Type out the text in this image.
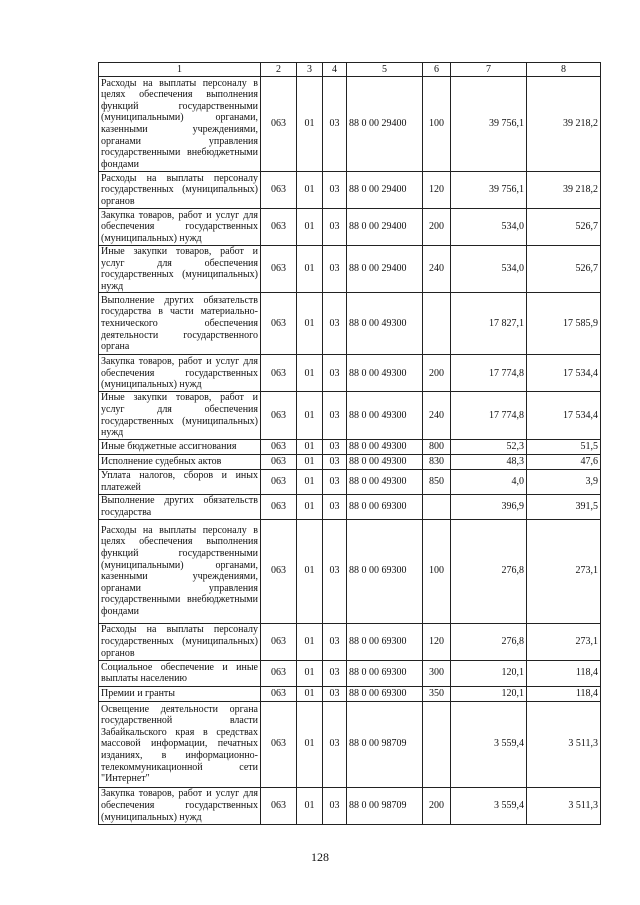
1	2	3	4	5	6	7	8
Расходы на выплаты персоналу в целях обеспечения выполнения функций государственными (муниципальными) органами, казенными учреждениями, органами управления государственными внебюджетными фондами	063	01	03	88 0 00 29400	100	39 756,1	39 218,2
Расходы на выплаты персоналу государственных (муниципальных) органов	063	01	03	88 0 00 29400	120	39 756,1	39 218,2
Закупка товаров, работ и услуг для обеспечения государственных (муниципальных) нужд	063	01	03	88 0 00 29400	200	534,0	526,7
Иные закупки товаров, работ и услуг для обеспечения государственных (муниципальных) нужд	063	01	03	88 0 00 29400	240	534,0	526,7
Выполнение других обязательств государства в части материально-технического обеспечения деятельности государственного органа	063	01	03	88 0 00 49300		17 827,1	17 585,9
Закупка товаров, работ и услуг для обеспечения государственных (муниципальных) нужд	063	01	03	88 0 00 49300	200	17 774,8	17 534,4
Иные закупки товаров, работ и услуг для обеспечения государственных (муниципальных) нужд	063	01	03	88 0 00 49300	240	17 774,8	17 534,4
Иные бюджетные ассигнования	063	01	03	88 0 00 49300	800	52,3	51,5
Исполнение судебных актов	063	01	03	88 0 00 49300	830	48,3	47,6
Уплата налогов, сборов и иных платежей	063	01	03	88 0 00 49300	850	4,0	3,9
Выполнение других обязательств государства	063	01	03	88 0 00 69300		396,9	391,5
Расходы на выплаты персоналу в целях обеспечения выполнения функций государственными (муниципальными) органами, казенными учреждениями, органами управления государственными внебюджетными фондами	063	01	03	88 0 00 69300	100	276,8	273,1
Расходы на выплаты персоналу государственных (муниципальных) органов	063	01	03	88 0 00 69300	120	276,8	273,1
Социальное обеспечение и иные выплаты населению	063	01	03	88 0 00 69300	300	120,1	118,4
Премии и гранты	063	01	03	88 0 00 69300	350	120,1	118,4
Освещение деятельности органа государственной власти Забайкальского края в средствах массовой информации, печатных изданиях, в информационно-телекоммуникационной сети "Интернет"	063	01	03	88 0 00 98709		3 559,4	3 511,3
Закупка товаров, работ и услуг для обеспечения государственных (муниципальных) нужд	063	01	03	88 0 00 98709	200	3 559,4	3 511,3
128
